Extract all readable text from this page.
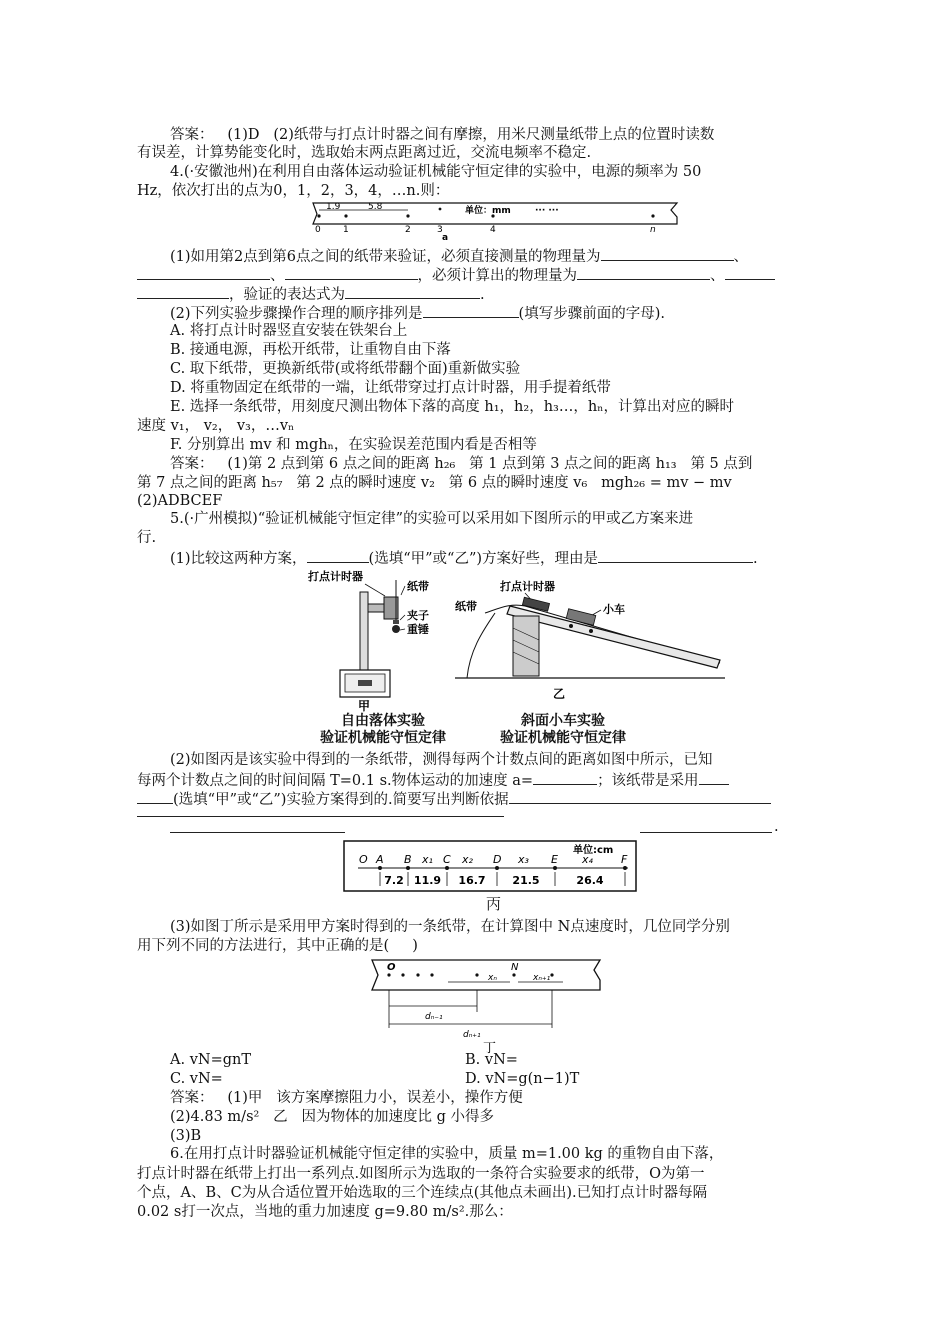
答案：   (1)D   (2)纸带与打点计时器之间有摩擦，用米尺测量纸带上点的位置时读数
有误差，计算势能变化时，选取始末两点距离过近，交流电频率不稳定.
4.(·安徽池州)在利用自由落体运动验证机械能守恒定律的实验中，电源的频率为 50
Hz，依次打出的点为0，1，2，3，4，…n.则：
1.9	5.8	单位：mm	··· ···
0 1	2	3	4	n
a
(1)如用第2点到第6点之间的纸带来验证，必须直接测量的物理量为	、
、	，必须计算出的物理量为	、
，验证的表达式为	.
(2)下列实验步骤操作合理的顺序排列是	(填写步骤前面的字母).
A. 将打点计时器竖直安装在铁架台上
B. 接通电源，再松开纸带，让重物自由下落
C. 取下纸带，更换新纸带(或将纸带翻个面)重新做实验
D. 将重物固定在纸带的一端，让纸带穿过打点计时器，用手提着纸带
E. 选择一条纸带，用刻度尺测出物体下落的高度 h₁，h₂，h₃…，hₙ，计算出对应的瞬时
速度 v₁， v₂， v₃，…vₙ
F. 分别算出 mv 和 mghₙ，在实验误差范围内看是否相等
答案：   (1)第 2 点到第 6 点之间的距离 h₂₆   第 1 点到第 3 点之间的距离 h₁₃   第 5 点到
第 7 点之间的距离 h₅₇   第 2 点的瞬时速度 v₂   第 6 点的瞬时速度 v₆   mgh₂₆ = mv − mv
(2)ADBCEF
5.(·广州模拟)“验证机械能守恒定律”的实验可以采用如下图所示的甲或乙方案来进
行.
(1)比较这两种方案，	(选填“甲”或“乙”)方案好些，理由是	.
打点计时器
纸带
夹子
重锤
甲
打点计时器
纸带	小车
乙
自由落体实验
验证机械能守恒定律
斜面小车实验
验证机械能守恒定律
(2)如图丙是该实验中得到的一条纸带，测得每两个计数点间的距离如图中所示，已知
每两个计数点之间的时间间隔 T=0.1 s.物体运动的加速度 a=	；该纸带是采用
(选填“甲”或“乙”)实验方案得到的.简要写出判断依据
.
单位:cm
O A B x₁ C x₂ D x₃ E x₄	F
7.2 11.9 16.7 21.5	26.4
丙
(3)如图丁所示是采用甲方案时得到的一条纸带，在计算图中 N点速度时，几位同学分别
用下列不同的方法进行，其中正确的是(     )
O	N
xₙ	xₙ₊₁
dₙ₋₁
dₙ₊₁
丁
A. vN=gnT	B. vN=
C. vN=	D. vN=g(n−1)T
答案：   (1)甲   该方案摩擦阻力小，误差小，操作方便
(2)4.83 m/s²   乙   因为物体的加速度比 g 小得多
(3)B
6.在用打点计时器验证机械能守恒定律的实验中，质量 m=1.00 kg 的重物自由下落，
打点计时器在纸带上打出一系列点.如图所示为选取的一条符合实验要求的纸带，O为第一
个点，A、B、C为从合适位置开始选取的三个连续点(其他点未画出).已知打点计时器每隔
0.02 s打一次点，当地的重力加速度 g=9.80 m/s².那么：
